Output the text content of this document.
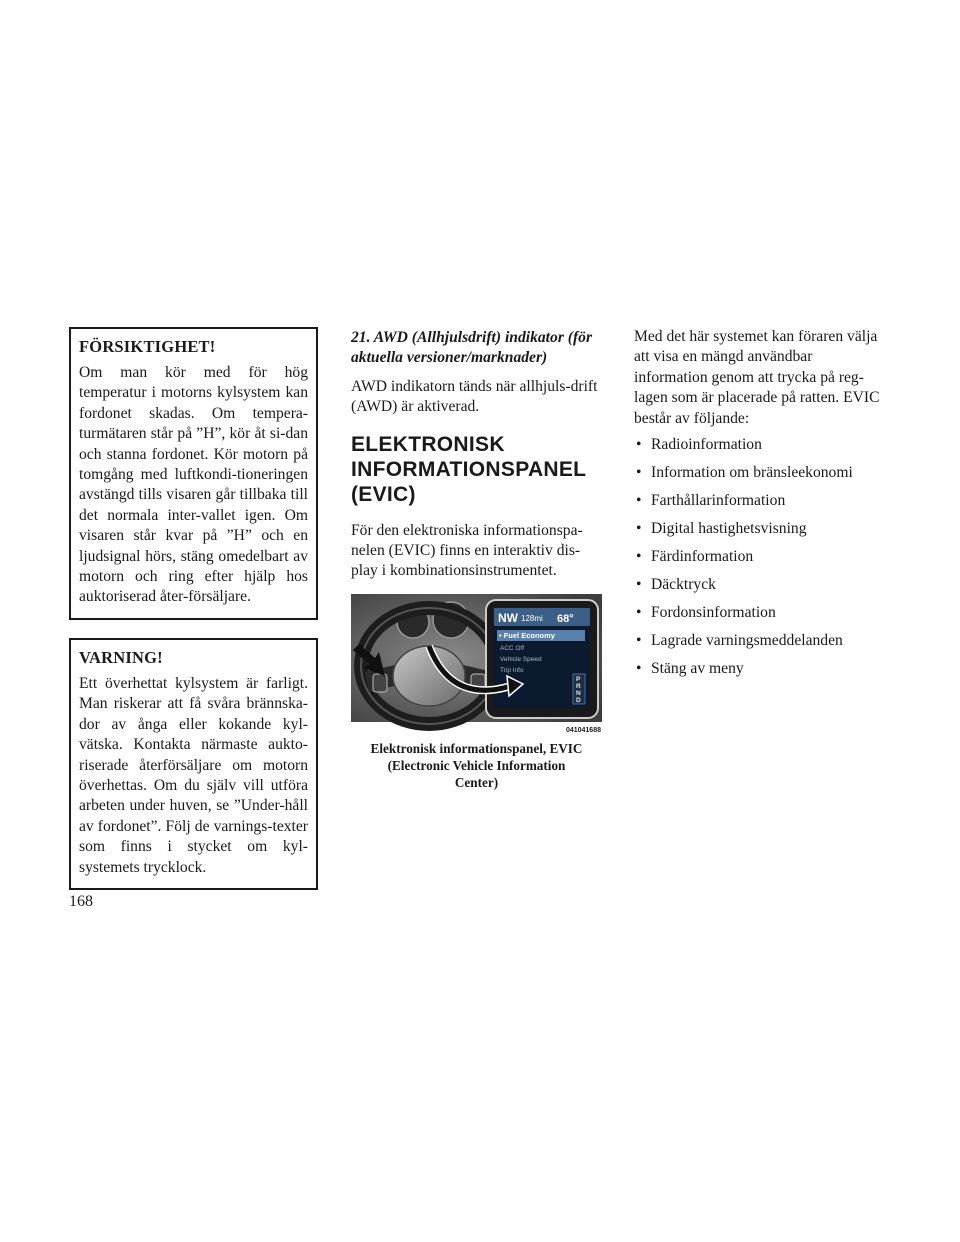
FÖRSIKTIGHET!

Om man kör med för hög temperatur i motorns kylsystem kan fordonet skadas. Om tempera-turmätaren står på ”H”, kör åt si-dan och stanna fordonet. Kör motorn på tomgång med luftkondi-tioneringen avstängd tills visaren går tillbaka till det normala inter-vallet igen. Om visaren står kvar på ”H” och en ljudsignal hörs, stäng omedelbart av motorn och ring efter hjälp hos auktoriserad åter-försäljare.

VARNING!

Ett överhettat kylsystem är farligt. Man riskerar att få svåra brännska-dor av ånga eller kokande kyl-vätska. Kontakta närmaste aukto-riserade återförsäljare om motorn överhettas. Om du själv vill utföra arbeten under huven, se ”Under-håll av fordonet”. Följ de varnings-texter som finns i stycket om kyl-systemets trycklock.

21. AWD (Allhjulsdrift) indikator (för aktuella versioner/marknader)

AWD indikatorn tänds när allhjuls-drift (AWD) är aktiverad.

ELEKTRONISK
INFORMATIONSPANEL
(EVIC)

För den elektroniska informationspa-nelen (EVIC) finns en interaktiv dis-play i kombinationsinstrumentet.

NW 128mi 68°
• Fuel Economy
ACC Off
Vehicle Speed
Trip Info
P
R
N
D
041041688
Elektronisk informationspanel, EVIC
(Electronic Vehicle Information
Center)

Med det här systemet kan föraren välja att visa en mängd användbar information genom att trycka på reg-lagen som är placerade på ratten. EVIC består av följande:

• Radioinformation
• Information om bränsleekonomi
• Farthållarinformation
• Digital hastighetsvisning
• Färdinformation
• Däcktryck
• Fordonsinformation
• Lagrade varningsmeddelanden
• Stäng av meny
168
